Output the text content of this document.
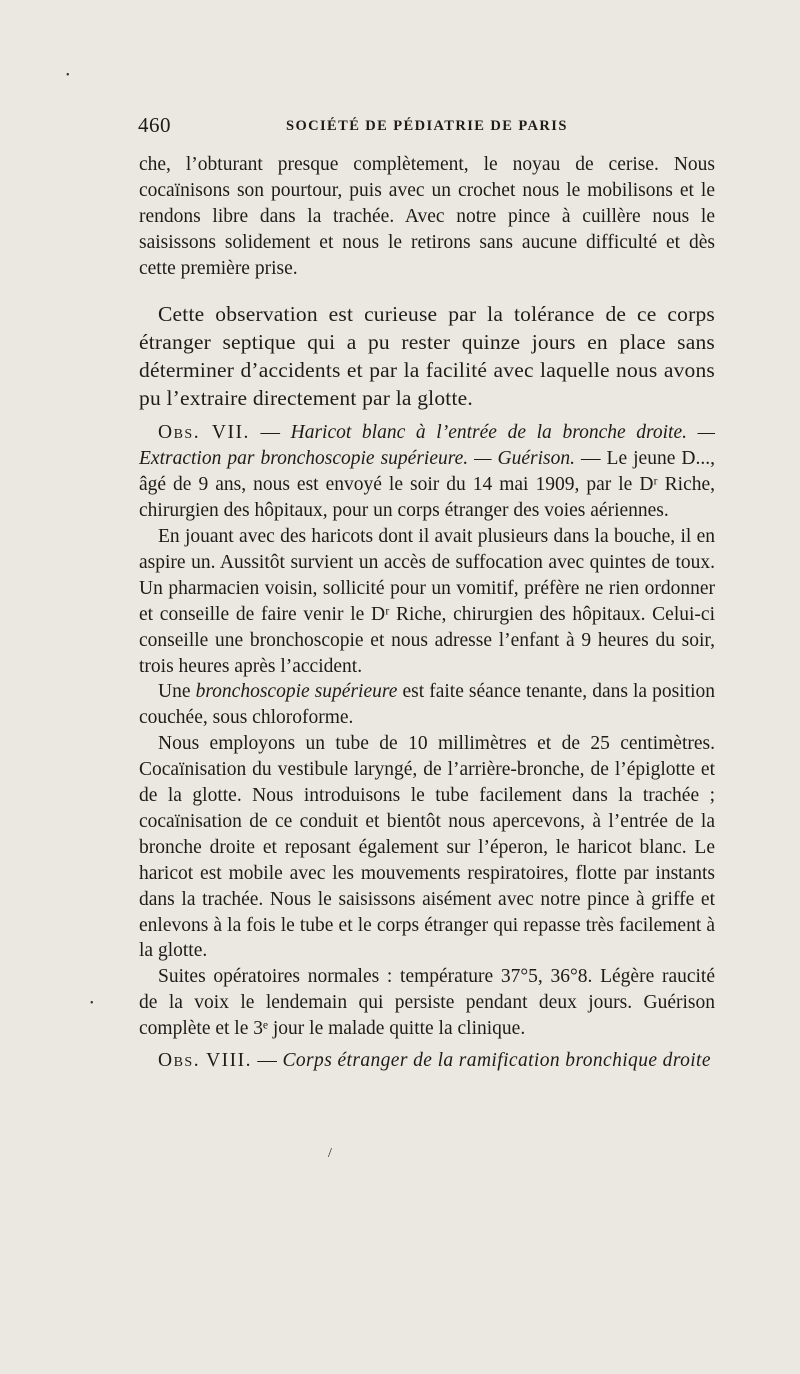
460	SOCIÉTÉ DE PÉDIATRIE DE PARIS

che, l’obturant presque complètement, le noyau de cerise. Nous cocaïnisons son pourtour, puis avec un crochet nous le mobilisons et le rendons libre dans la trachée. Avec notre pince à cuillère nous le saisissons solidement et nous le retirons sans aucune difficulté et dès cette première prise.

Cette observation est curieuse par la tolérance de ce corps étranger septique qui a pu rester quinze jours en place sans déterminer d’accidents et par la facilité avec laquelle nous avons pu l’extraire directement par la glotte.

Obs. VII. — Haricot blanc à l’entrée de la bronche droite. — Extraction par bronchoscopie supérieure. — Guérison. — Le jeune D..., âgé de 9 ans, nous est envoyé le soir du 14 mai 1909, par le Dʳ Riche, chirurgien des hôpitaux, pour un corps étranger des voies aériennes.

En jouant avec des haricots dont il avait plusieurs dans la bouche, il en aspire un. Aussitôt survient un accès de suffocation avec quintes de toux. Un pharmacien voisin, sollicité pour un vomitif, préfère ne rien ordonner et conseille de faire venir le Dʳ Riche, chirurgien des hôpitaux. Celui-ci conseille une bronchoscopie et nous adresse l’enfant à 9 heures du soir, trois heures après l’accident.

Une bronchoscopie supérieure est faite séance tenante, dans la position couchée, sous chloroforme.

Nous employons un tube de 10 millimètres et de 25 centimètres. Cocaïnisation du vestibule laryngé, de l’arrière-bronche, de l’épiglotte et de la glotte. Nous introduisons le tube facilement dans la trachée ; cocaïnisation de ce conduit et bientôt nous apercevons, à l’entrée de la bronche droite et reposant également sur l’éperon, le haricot blanc. Le haricot est mobile avec les mouvements respiratoires, flotte par instants dans la trachée. Nous le saisissons aisément avec notre pince à griffe et enlevons à la fois le tube et le corps étranger qui repasse très facilement à la glotte.

Suites opératoires normales : température 37°5, 36°8. Légère raucité de la voix le lendemain qui persiste pendant deux jours. Guérison complète et le 3ᵉ jour le malade quitte la clinique.

Obs. VIII. — Corps étranger de la ramification bronchique droite

•
•
/
